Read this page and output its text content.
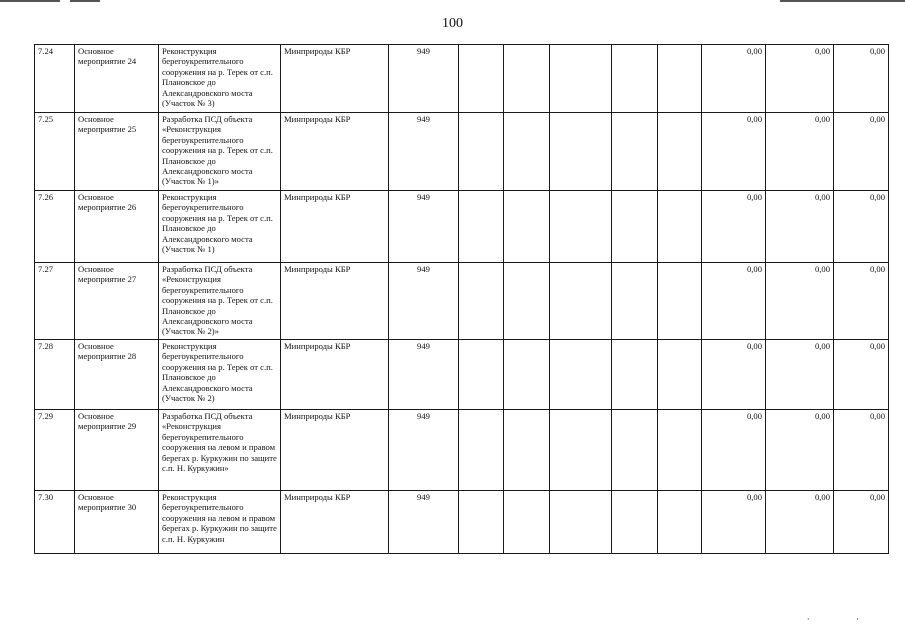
100
7.24	Основное мероприятие 24	Реконструкция берегоукрепительного сооружения на р. Терек от с.п. Плановское до Александровского моста (Участок № 3)	Минприроды КБР	949						0,00	0,00	0,00
7.25	Основное мероприятие 25	Разработка ПСД объекта «Реконструкция берегоукрепительного сооружения на р. Терек от с.п. Плановское до Александровского моста (Участок № 1)»	Минприроды КБР	949						0,00	0,00	0,00
7.26	Основное мероприятие 26	Реконструкция берегоукрепительного сооружения на р. Терек от с.п. Плановское до Александровского моста (Участок № 1)	Минприроды КБР	949						0,00	0,00	0,00
7.27	Основное мероприятие 27	Разработка ПСД объекта «Реконструкция берегоукрепительного сооружения на р. Терек от с.п. Плановское до Александровского моста (Участок № 2)»	Минприроды КБР	949						0,00	0,00	0,00
7.28	Основное мероприятие 28	Реконструкция берегоукрепительного сооружения на р. Терек от с.п. Плановское до Александровского моста (Участок № 2)	Минприроды КБР	949						0,00	0,00	0,00
7.29	Основное мероприятие 29	Разработка ПСД объекта «Реконструкция берегоукрепительного сооружения на левом и правом берегах р. Куркужин по защите с.п. Н. Куркужин»	Минприроды КБР	949						0,00	0,00	0,00
7.30	Основное мероприятие 30	Реконструкция берегоукрепительного сооружения на левом и правом берегах р. Куркужин по защите с.п. Н. Куркужин	Минприроды КБР	949						0,00	0,00	0,00
· ·
